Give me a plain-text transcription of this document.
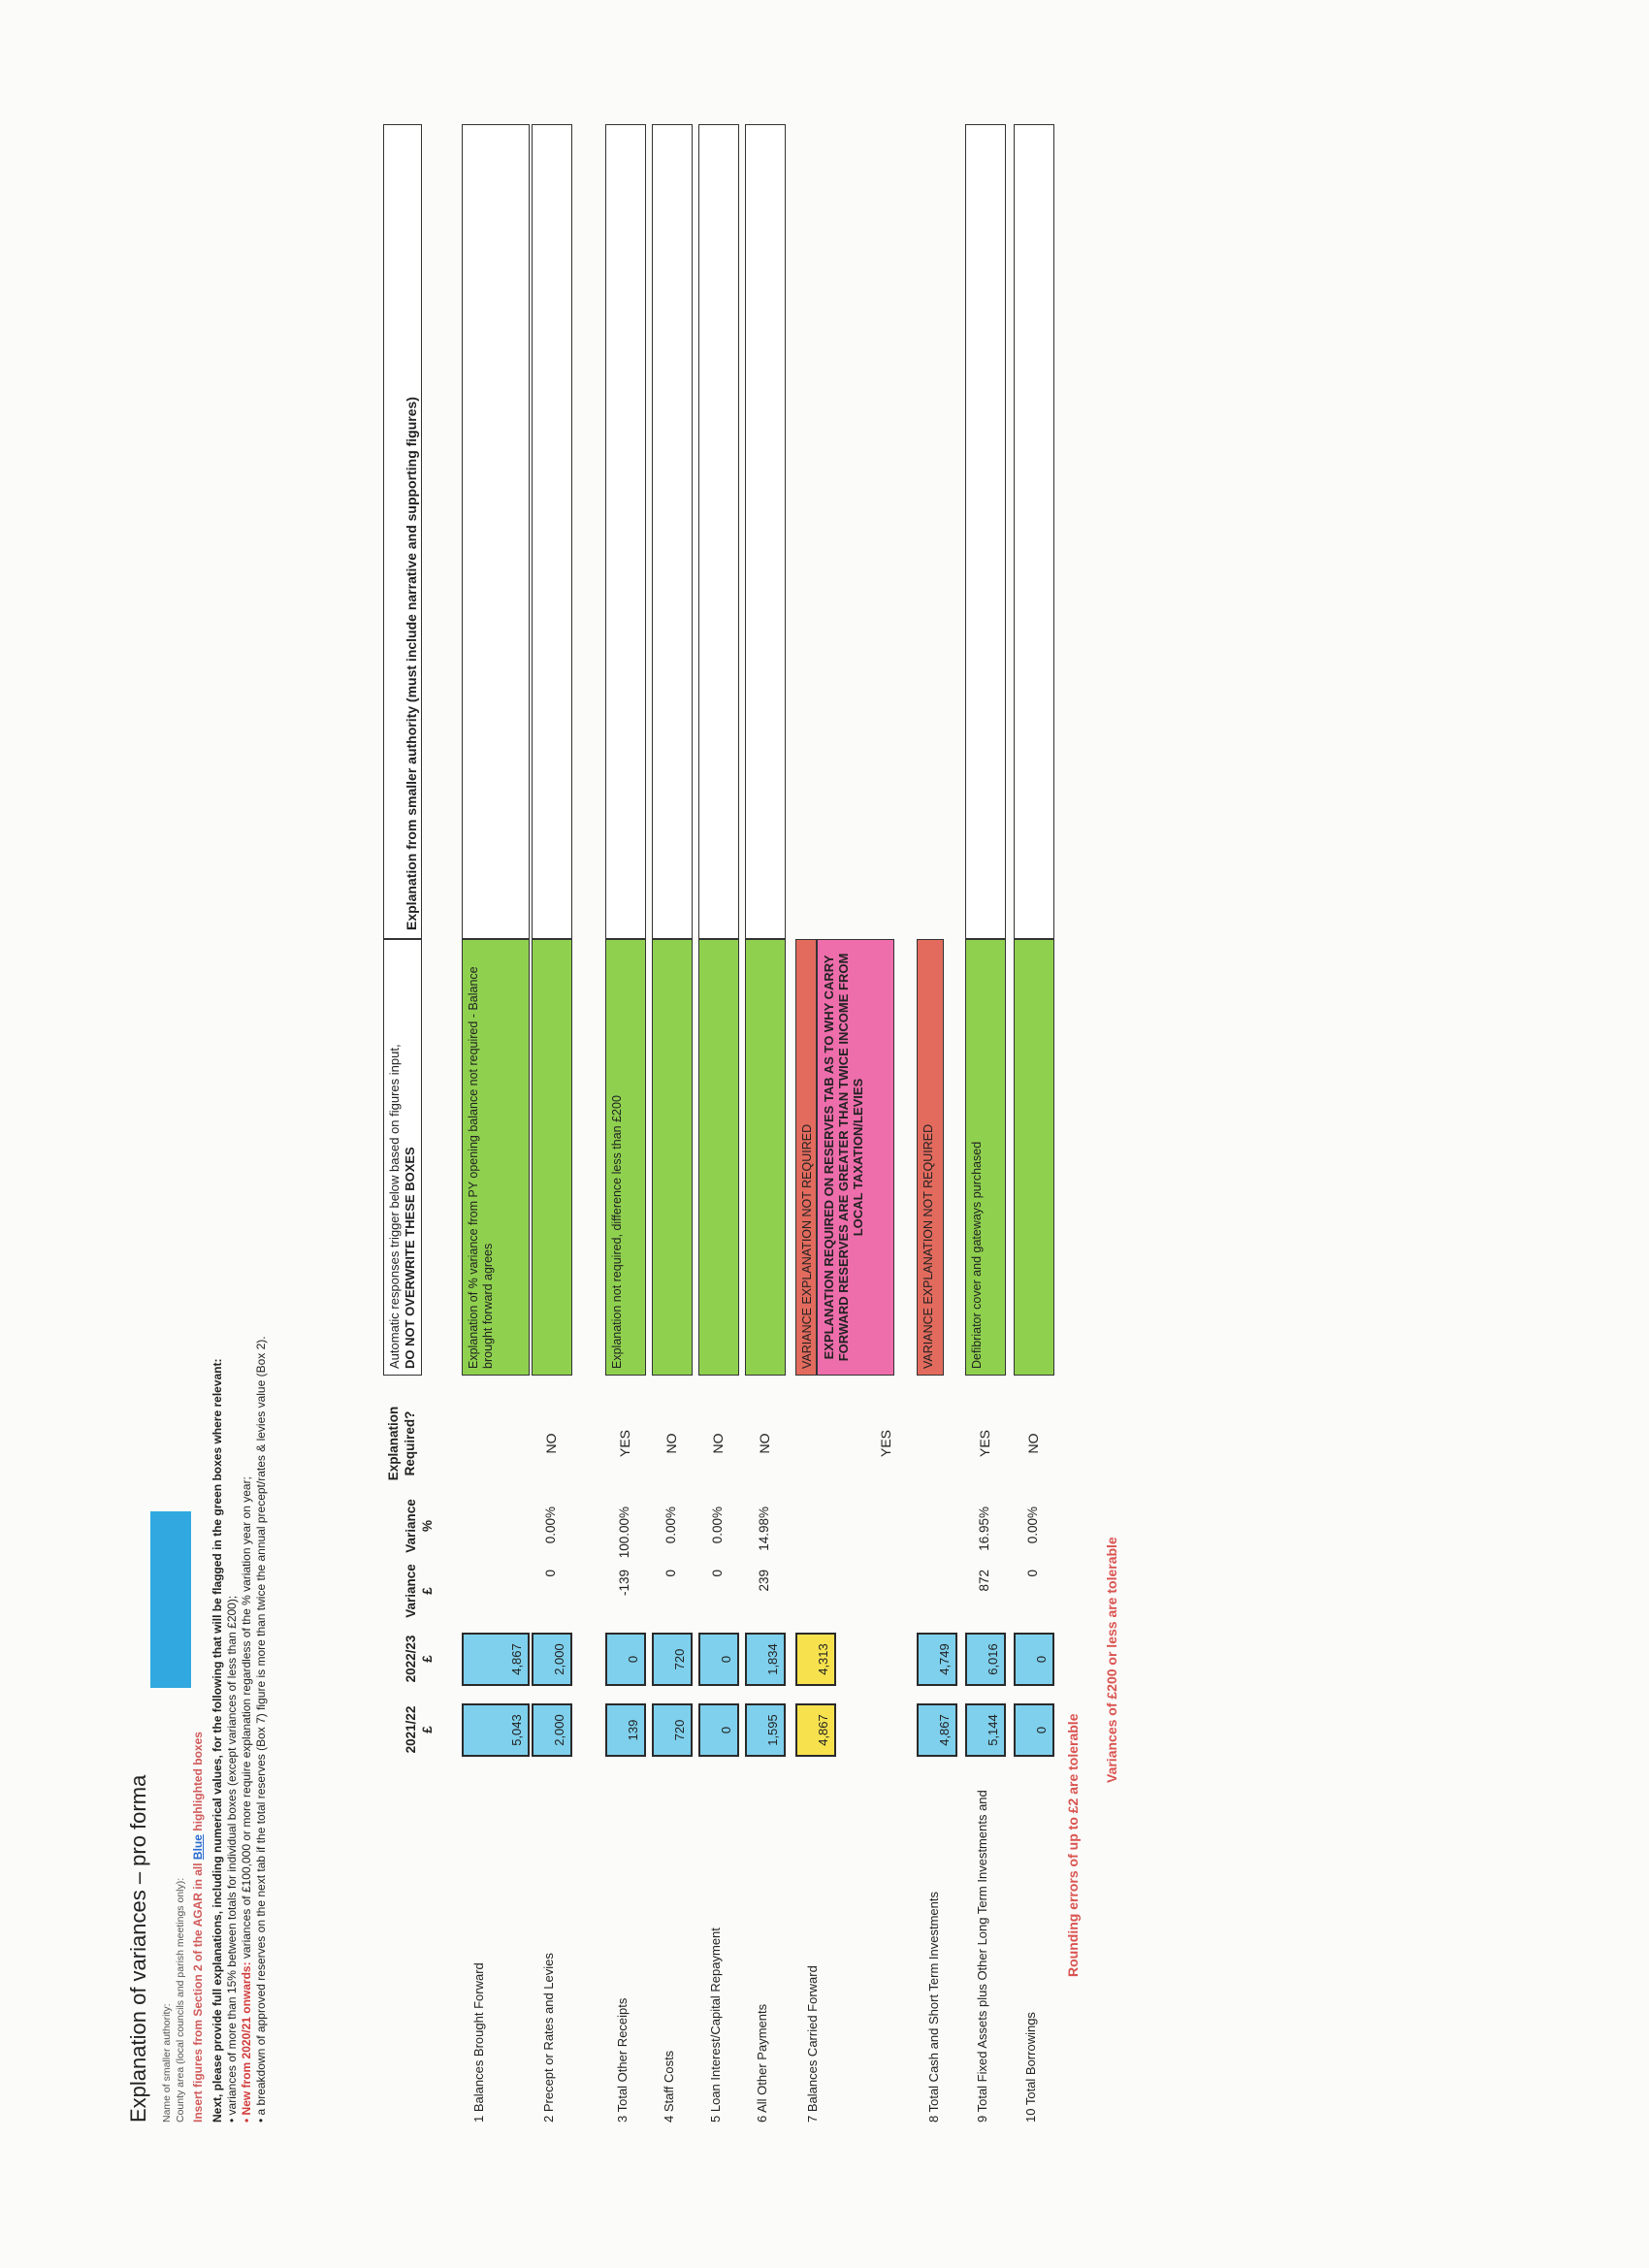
Explanation of variances – pro forma Name of smaller authority: County area (local councils and parish meetings only): Insert figures from Section 2 of the AGAR in all Blue highlighted boxes Next, please provide full explanations, including numerical values, for the following that will be flagged in the green boxes where relevant: • variances of more than 15% between totals for individual boxes (except variances of less than £200); • New from 2020/21 onwards: variances of £100,000 or more require explanation regardless of the % variation year on year; • a breakdown of approved reserves on the next tab if the total reserves (Box 7) figure is more than twice the annual precept/rates & levies value (Box 2).	2021/22 £
2022/23 £
Variance £
Variance %
Explanation Required?
Automatic responses trigger below based on figures input, DO NOT OVERWRITE THESE BOXES
Explanation from smaller authority (must include narrative and supporting figures)
1 Balances Brought Forward
5,043
4,867
Explanation of % variance from PY opening balance not required - Balance brought forward agrees
2 Precept or Rates and Levies
2,000
2,000
0
0.00%
NO
3 Total Other Receipts
139
0
-139
100.00%
YES
Explanation not required, difference less than £200
4 Staff Costs
720
720
0
0.00%
NO
5 Loan Interest/Capital Repayment
0
0
0
0.00%
NO
6 All Other Payments
1,595
1,834
239
14.98%
NO
7 Balances Carried Forward
4,867
4,313
YES
VARIANCE EXPLANATION NOT REQUIRED EXPLANATION REQUIRED ON RESERVES TAB AS TO WHY CARRY FORWARD RESERVES ARE GREATER THAN TWICE INCOME FROM LOCAL TAXATION/LEVIES
8 Total Cash and Short Term Investments
4,867
4,749
VARIANCE EXPLANATION NOT REQUIRED
9 Total Fixed Assets plus Other Long Term Investments and
5,144
6,016
872
16.95%
YES
Defibriator cover and gateways purchased
10 Total Borrowings
0
0
0
0.00%
NO
Rounding errors of up to £2 are tolerable
Variances of £200 or less are tolerable
